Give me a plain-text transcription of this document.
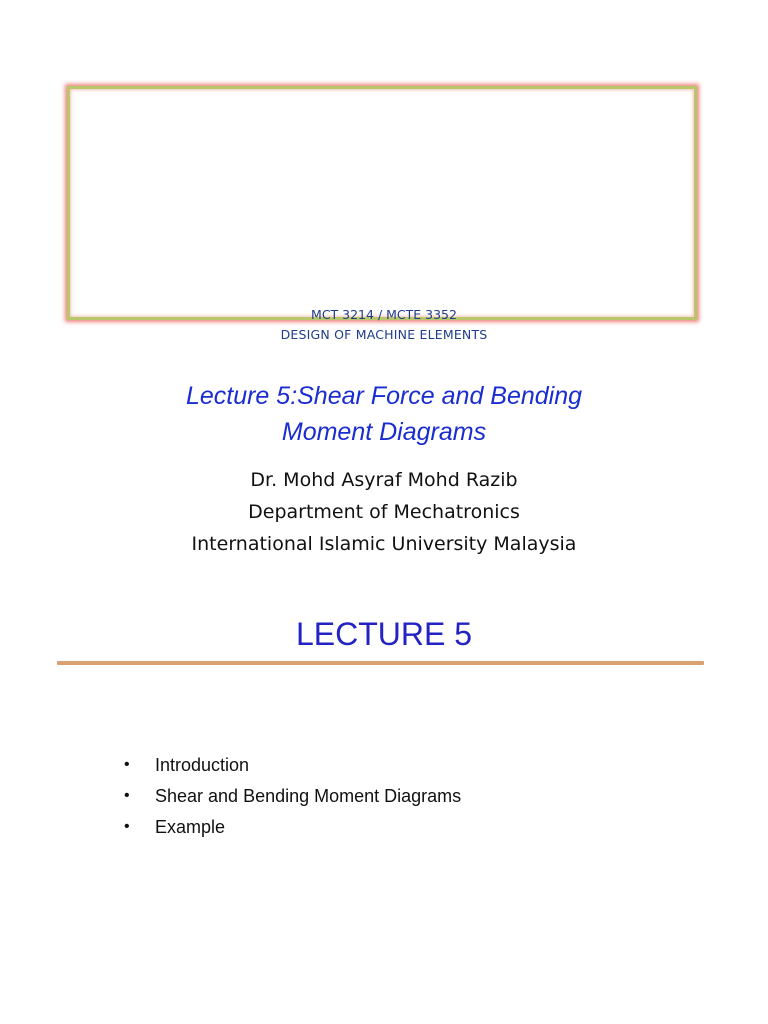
MCT 3214 / MCTE 3352
DESIGN OF MACHINE ELEMENTS
Lecture 5:Shear Force and Bending
Moment Diagrams
Dr. Mohd Asyraf Mohd Razib
Department of Mechatronics
International Islamic University Malaysia
LECTURE 5
• Introduction
• Shear and Bending Moment Diagrams
• Example
